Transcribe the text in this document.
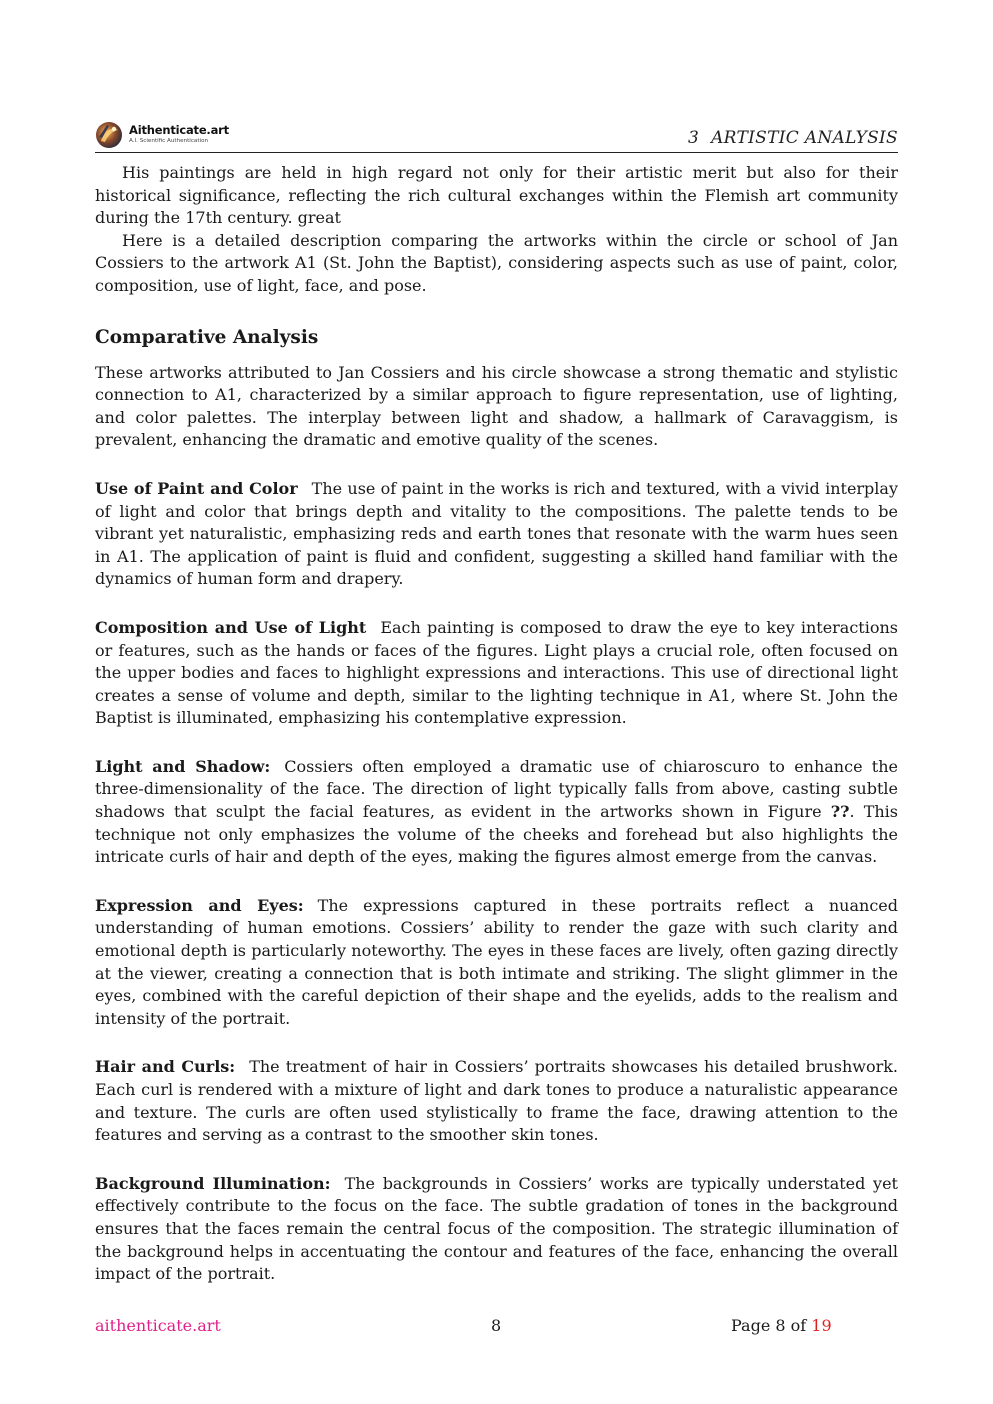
Aithenticate.art
A.I. Scientific Authentication	3 ARTISTIC ANALYSIS

His paintings are held in high regard not only for their artistic merit but also for their historical significance, reflecting the rich cultural exchanges within the Flemish art community during the 17th century. great

Here is a detailed description comparing the artworks within the circle or school of Jan Cossiers to the artwork A1 (St. John the Baptist), considering aspects such as use of paint, color, composition, use of light, face, and pose.

Comparative Analysis

These artworks attributed to Jan Cossiers and his circle showcase a strong thematic and stylistic connection to A1, characterized by a similar approach to figure representation, use of lighting, and color palettes. The interplay between light and shadow, a hallmark of Caravaggism, is prevalent, enhancing the dramatic and emotive quality of the scenes.

Use of Paint and Color The use of paint in the works is rich and textured, with a vivid interplay of light and color that brings depth and vitality to the compositions. The palette tends to be vibrant yet naturalistic, emphasizing reds and earth tones that resonate with the warm hues seen in A1. The application of paint is fluid and confident, suggesting a skilled hand familiar with the dynamics of human form and drapery.

Composition and Use of Light Each painting is composed to draw the eye to key interactions or features, such as the hands or faces of the figures. Light plays a crucial role, often focused on the upper bodies and faces to highlight expressions and interactions. This use of directional light creates a sense of volume and depth, similar to the lighting technique in A1, where St. John the Baptist is illuminated, emphasizing his contemplative expression.

Light and Shadow: Cossiers often employed a dramatic use of chiaroscuro to enhance the three-dimensionality of the face. The direction of light typically falls from above, casting subtle shadows that sculpt the facial features, as evident in the artworks shown in Figure ??. This technique not only emphasizes the volume of the cheeks and forehead but also highlights the intricate curls of hair and depth of the eyes, making the figures almost emerge from the canvas.

Expression and Eyes: The expressions captured in these portraits reflect a nuanced understanding of human emotions. Cossiers’ ability to render the gaze with such clarity and emotional depth is particularly noteworthy. The eyes in these faces are lively, often gazing directly at the viewer, creating a connection that is both intimate and striking. The slight glimmer in the eyes, combined with the careful depiction of their shape and the eyelids, adds to the realism and intensity of the portrait.

Hair and Curls: The treatment of hair in Cossiers’ portraits showcases his detailed brushwork. Each curl is rendered with a mixture of light and dark tones to produce a naturalistic appearance and texture. The curls are often used stylistically to frame the face, drawing attention to the features and serving as a contrast to the smoother skin tones.

Background Illumination: The backgrounds in Cossiers’ works are typically understated yet effectively contribute to the focus on the face. The subtle gradation of tones in the background ensures that the faces remain the central focus of the composition. The strategic illumination of the background helps in accentuating the contour and features of the face, enhancing the overall impact of the portrait.

aithenticate.art	8	Page 8 of 19
